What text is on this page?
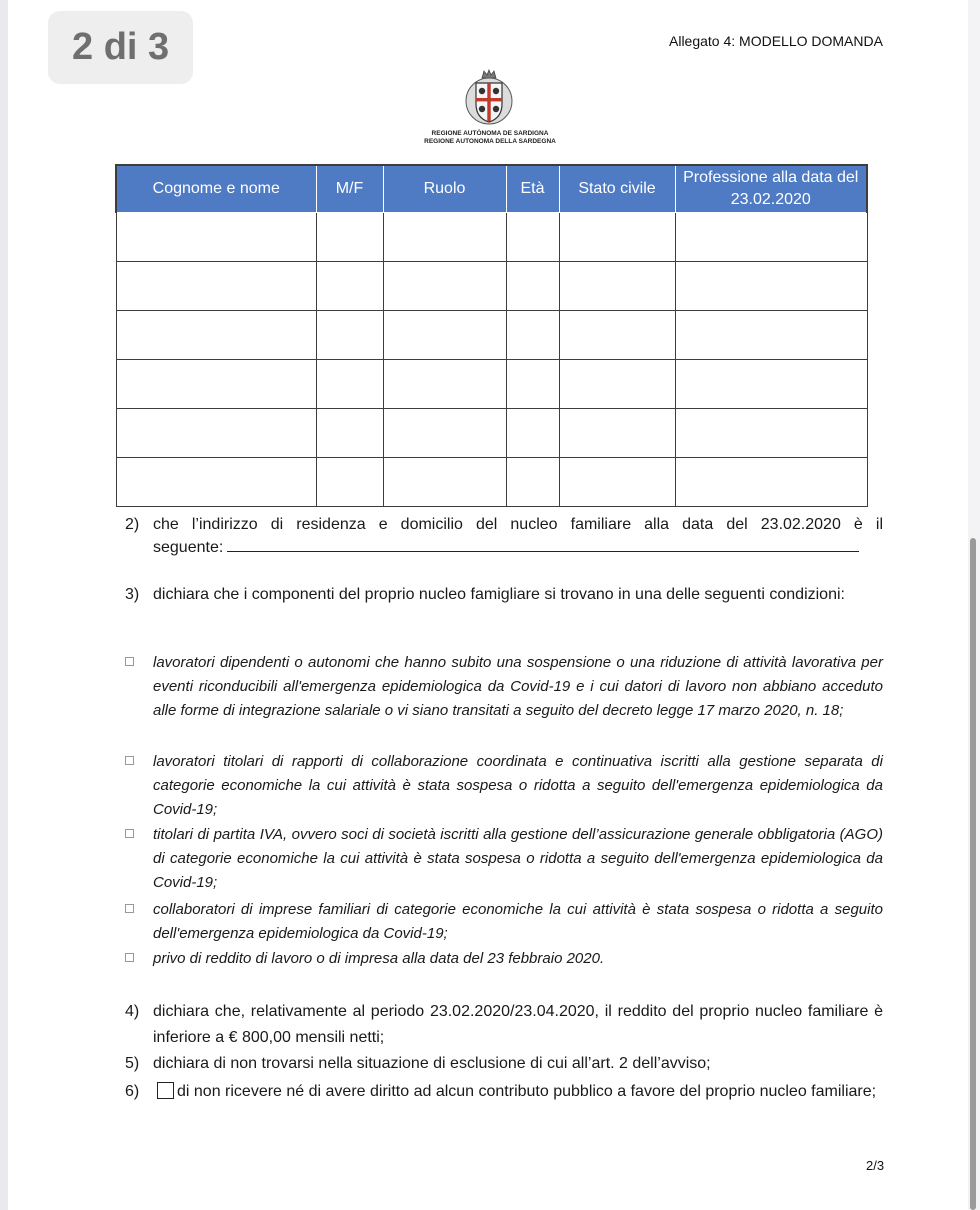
2 di 3	Allegato 4: MODELLO DOMANDA
REGIONE AUTÒNOMA DE SARDIGNA
REGIONE AUTONOMA DELLA SARDEGNA
Cognome e nome	M/F	Ruolo	Età	Stato civile	Professione alla data del 23.02.2020

2) che l’indirizzo di residenza e domicilio del nucleo familiare alla data del 23.02.2020 è il
seguente:
3) dichiara che i componenti del proprio nucleo famigliare si trovano in una delle seguenti condizioni:
lavoratori dipendenti o autonomi che hanno subito una sospensione o una riduzione di attività lavorativa per eventi riconducibili all'emergenza epidemiologica da Covid-19 e i cui datori di lavoro non abbiano acceduto alle forme di integrazione salariale o vi siano transitati a seguito del decreto legge 17 marzo 2020, n. 18;
lavoratori titolari di rapporti di collaborazione coordinata e continuativa iscritti alla gestione separata di categorie economiche la cui attività è stata sospesa o ridotta a seguito dell'emergenza epidemiologica da Covid-19;
titolari di partita IVA, ovvero soci di società iscritti alla gestione dell’assicurazione generale obbligatoria (AGO) di categorie economiche la cui attività è stata sospesa o ridotta a seguito dell'emergenza epidemiologica da Covid-19;
collaboratori di imprese familiari di categorie economiche la cui attività è stata sospesa o ridotta a seguito dell'emergenza epidemiologica da Covid-19;
privo di reddito di lavoro o di impresa alla data del 23 febbraio 2020.
4) dichiara che, relativamente al periodo 23.02.2020/23.04.2020, il reddito del proprio nucleo familiare è inferiore a € 800,00 mensili netti;
5) dichiara di non trovarsi nella situazione di esclusione di cui all’art. 2 dell’avviso;
6)	di non ricevere né di avere diritto ad alcun contributo pubblico a favore del proprio nucleo familiare;
2/3
